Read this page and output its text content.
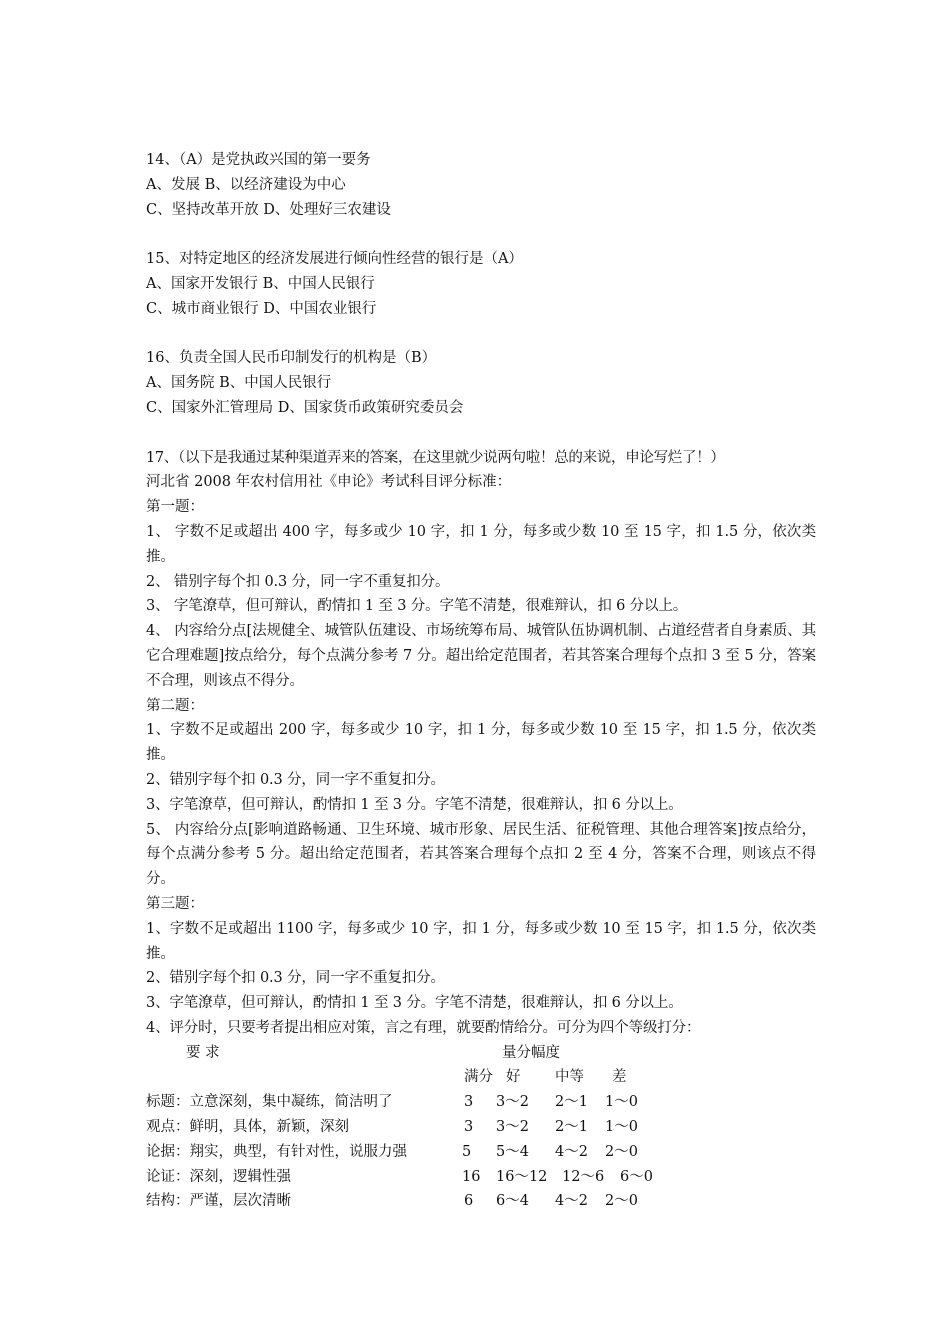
14、（A）是党执政兴国的第一要务
A、发展 B、以经济建设为中心
C、坚持改革开放 D、处理好三农建设
15、对特定地区的经济发展进行倾向性经营的银行是（A）
A、国家开发银行 B、中国人民银行
C、城市商业银行 D、中国农业银行
16、负责全国人民币印制发行的机构是（B）
A、国务院 B、中国人民银行
C、国家外汇管理局 D、国家货币政策研究委员会
17、（以下是我通过某种渠道弄来的答案，在这里就少说两句啦！总的来说，申论写烂了！）
河北省 2008 年农村信用社《申论》考试科目评分标准：
第一题：
1、 字数不足或超出 400 字，每多或少 10 字，扣 1 分，每多或少数 10 至 15 字，扣 1.5 分，依次类推。
2、 错别字每个扣 0.3 分，同一字不重复扣分。
3、 字笔潦草，但可辩认，酌情扣 1 至 3 分。字笔不清楚，很难辩认，扣 6 分以上。
4、 内容给分点[法规健全、城管队伍建设、市场统筹布局、城管队伍协调机制、占道经营者自身素质、其它合理难题]按点给分，每个点满分参考 7 分。超出给定范围者，若其答案合理每个点扣 3 至 5 分，答案不合理，则该点不得分。
第二题：
1、字数不足或超出 200 字，每多或少 10 字，扣 1 分，每多或少数 10 至 15 字，扣 1.5 分，依次类推。
2、错别字每个扣 0.3 分，同一字不重复扣分。
3、字笔潦草，但可辩认，酌情扣 1 至 3 分。字笔不清楚，很难辩认，扣 6 分以上。
5、 内容给分点[影响道路畅通、卫生环境、城市形象、居民生活、征税管理、其他合理答案]按点给分，每个点满分参考 5 分。超出给定范围者，若其答案合理每个点扣 2 至 4 分，答案不合理，则该点不得分。
第三题：
1、字数不足或超出 1100 字，每多或少 10 字，扣 1 分，每多或少数 10 至 15 字，扣 1.5 分，依次类推。
2、错别字每个扣 0.3 分，同一字不重复扣分。
3、字笔潦草，但可辩认，酌情扣 1 至 3 分。字笔不清楚，很难辩认，扣 6 分以上。
4、评分时，只要考者提出相应对策，言之有理，就要酌情给分。可分为四个等级打分：
要 求	量分幅度
满分 好 中等 差
标题：立意深刻，集中凝练，简洁明了	3 3～2 2～1 1～0
观点：鲜明，具体，新颖，深刻	3 3～2 2～1 1～0
论据：翔实，典型，有针对性，说服力强	5 5～4 4～2 2～0
论证：深刻，逻辑性强	16 16～12 12～6 6～0
结构：严谨，层次清晰	6 6～4 4～2 2～0
